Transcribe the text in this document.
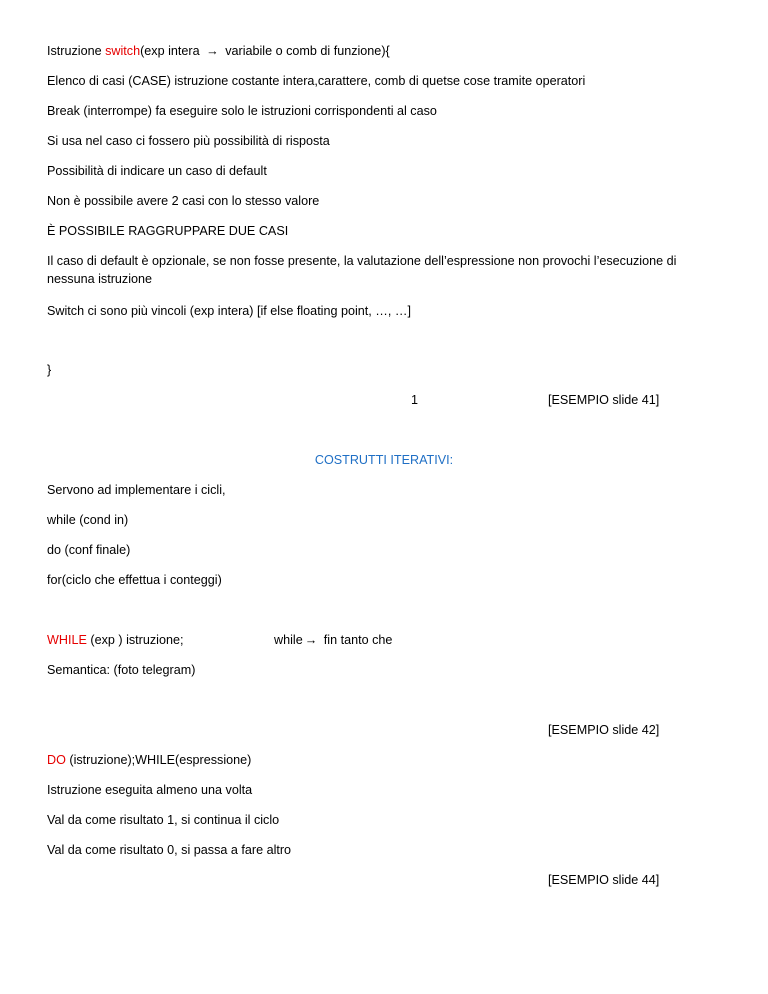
Istruzione switch(exp intera → variabile o comb di funzione){
Elenco di casi (CASE) istruzione costante intera,carattere, comb di quetse cose tramite operatori
Break (interrompe) fa eseguire solo le istruzioni corrispondenti al caso
Si usa nel caso ci fossero più possibilità di risposta
Possibilità di indicare un caso di default
Non è possibile avere 2 casi con lo stesso valore
È POSSIBILE RAGGRUPPARE DUE CASI
Il caso di default è opzionale, se non fosse presente, la valutazione dell’espressione non provochi l’esecuzione di nessuna istruzione
Switch ci sono più vincoli (exp intera) [if else floating point, …, …]
}
1	[ESEMPIO slide 41]
COSTRUTTI ITERATIVI:
Servono ad implementare i cicli,
while (cond in)
do (conf finale)
for(ciclo che effettua i conteggi)
WHILE (exp ) istruzione;	while → fin tanto che
Semantica: (foto telegram)
[ESEMPIO slide 42]
DO (istruzione);WHILE(espressione)
Istruzione eseguita almeno una volta
Val da come risultato 1, si continua il ciclo
Val da come risultato 0, si passa a fare altro
[ESEMPIO slide 44]
